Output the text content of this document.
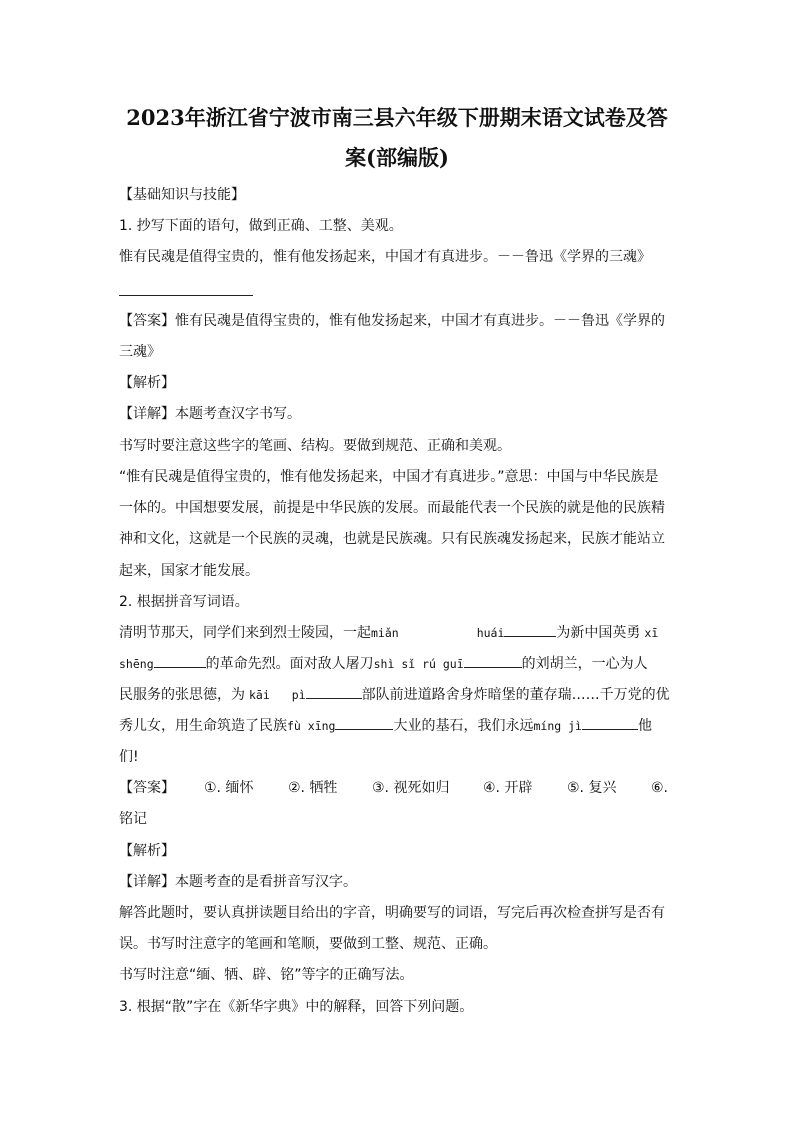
2023年浙江省宁波市南三县六年级下册期末语文试卷及答
案(部编版)
【基础知识与技能】
1. 抄写下面的语句，做到正确、工整、美观。
惟有民魂是值得宝贵的，惟有他发扬起来，中国才有真进步。－－鲁迅《学界的三魂》
【答案】惟有民魂是值得宝贵的，惟有他发扬起来，中国才有真进步。－－鲁迅《学界的
三魂》
【解析】
【详解】本题考查汉字书写。
书写时要注意这些字的笔画、结构。要做到规范、正确和美观。
“惟有民魂是值得宝贵的，惟有他发扬起来，中国才有真进步。”意思：中国与中华民族是
一体的。中国想要发展，前提是中华民族的发展。而最能代表一个民族的就是他的民族精
神和文化，这就是一个民族的灵魂，也就是民族魂。只有民族魂发扬起来，民族才能站立
起来，国家才能发展。
2. 根据拼音写词语。
清明节那天，同学们来到烈士陵园，一起miǎn	huái	为新中国英勇 xī
shēng	的革命先烈。面对敌人屠刀shì sǐ rú guī	的刘胡兰，一心为人
民服务的张思德，为 kāi pì	部队前进道路舍身炸暗堡的董存瑞……千万党的优
秀儿女，用生命筑造了民族fù xīng	大业的基石，我们永远míng jì	他
们!
【答案】 ①. 缅怀 ②. 牺牲 ③. 视死如归 ④. 开辟 ⑤. 复兴 ⑥.
铭记
【解析】
【详解】本题考查的是看拼音写汉字。
解答此题时，要认真拼读题目给出的字音，明确要写的词语，写完后再次检查拼写是否有
误。书写时注意字的笔画和笔顺，要做到工整、规范、正确。
书写时注意“缅、牺、辟、铭”等字的正确写法。
3. 根据“散”字在《新华字典》中的解释，回答下列问题。
